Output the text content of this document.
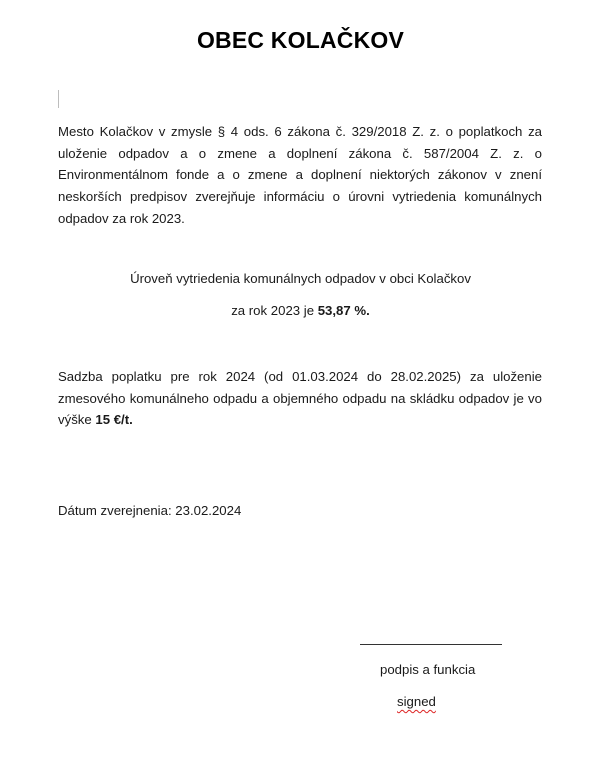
OBEC KOLAČKOV
Mesto Kolačkov v zmysle § 4 ods. 6 zákona č. 329/2018 Z. z. o poplatkoch za uloženie odpadov a o zmene a doplnení zákona č. 587/2004 Z. z. o Environmentálnom fonde a o zmene a doplnení niektorých zákonov v znení neskorších predpisov zverejňuje informáciu o úrovni vytriedenia komunálnych odpadov za rok 2023.
Úroveň vytriedenia komunálnych odpadov v obci Kolačkov
za rok 2023 je 53,87 %.
Sadzba poplatku pre rok 2024 (od 01.03.2024 do 28.02.2025) za uloženie zmesového komunálneho odpadu a objemného odpadu na skládku odpadov je vo výške 15 €/t.
Dátum zverejnenia: 23.02.2024
podpis a funkcia
signed
